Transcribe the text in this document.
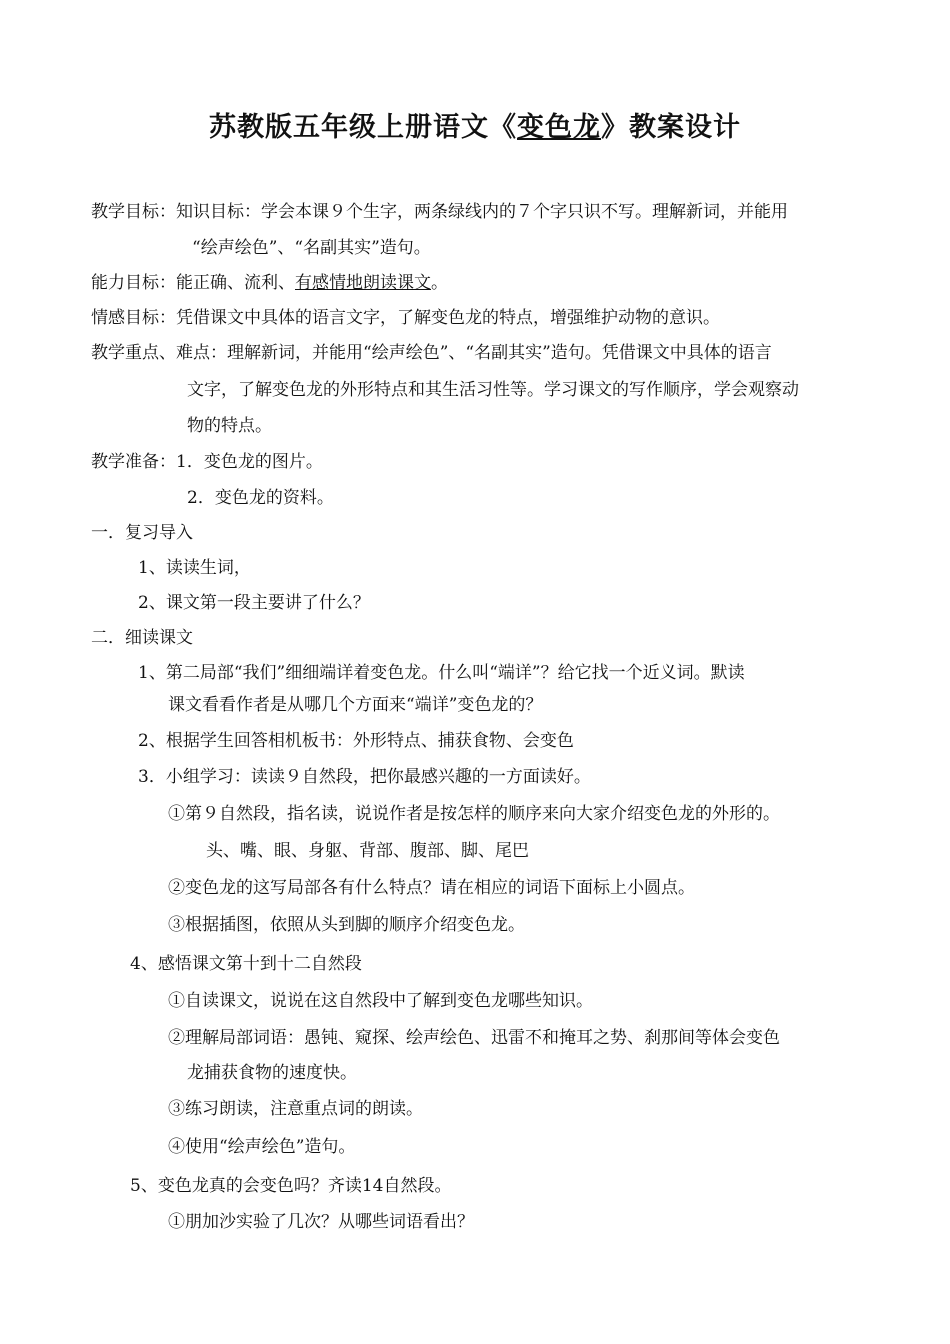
苏教版五年级上册语文《变色龙》教案设计
教学目标：知识目标：学会本课９个生字，两条绿线内的７个字只识不写。理解新词，并能用
“绘声绘色”、“名副其实”造句。
能力目标：能正确、流利、有感情地朗读课文。
情感目标：凭借课文中具体的语言文字，了解变色龙的特点，增强维护动物的意识。
教学重点、难点：理解新词，并能用“绘声绘色”、“名副其实”造句。凭借课文中具体的语言
文字，了解变色龙的外形特点和其生活习性等。学习课文的写作顺序，学会观察动
物的特点。
教学准备：1．变色龙的图片。
2．变色龙的资料。
一．复习导入
1、读读生词，
2、课文第一段主要讲了什么？
二．细读课文
1、第二局部“我们”细细端详着变色龙。什么叫“端详”？给它找一个近义词。默读
课文看看作者是从哪几个方面来“端详”变色龙的？
2、根据学生回答相机板书：外形特点、捕获食物、会变色
3．小组学习：读读９自然段，把你最感兴趣的一方面读好。
①第９自然段，指名读，说说作者是按怎样的顺序来向大家介绍变色龙的外形的。
头、嘴、眼、身躯、背部、腹部、脚、尾巴
②变色龙的这写局部各有什么特点？请在相应的词语下面标上小圆点。
③根据插图，依照从头到脚的顺序介绍变色龙。
4、感悟课文第十到十二自然段
①自读课文，说说在这自然段中了解到变色龙哪些知识。
②理解局部词语：愚钝、窥探、绘声绘色、迅雷不和掩耳之势、刹那间等体会变色
龙捕获食物的速度快。
③练习朗读，注意重点词的朗读。
④使用“绘声绘色”造句。
5、变色龙真的会变色吗？齐读14自然段。
①朋加沙实验了几次？从哪些词语看出？
